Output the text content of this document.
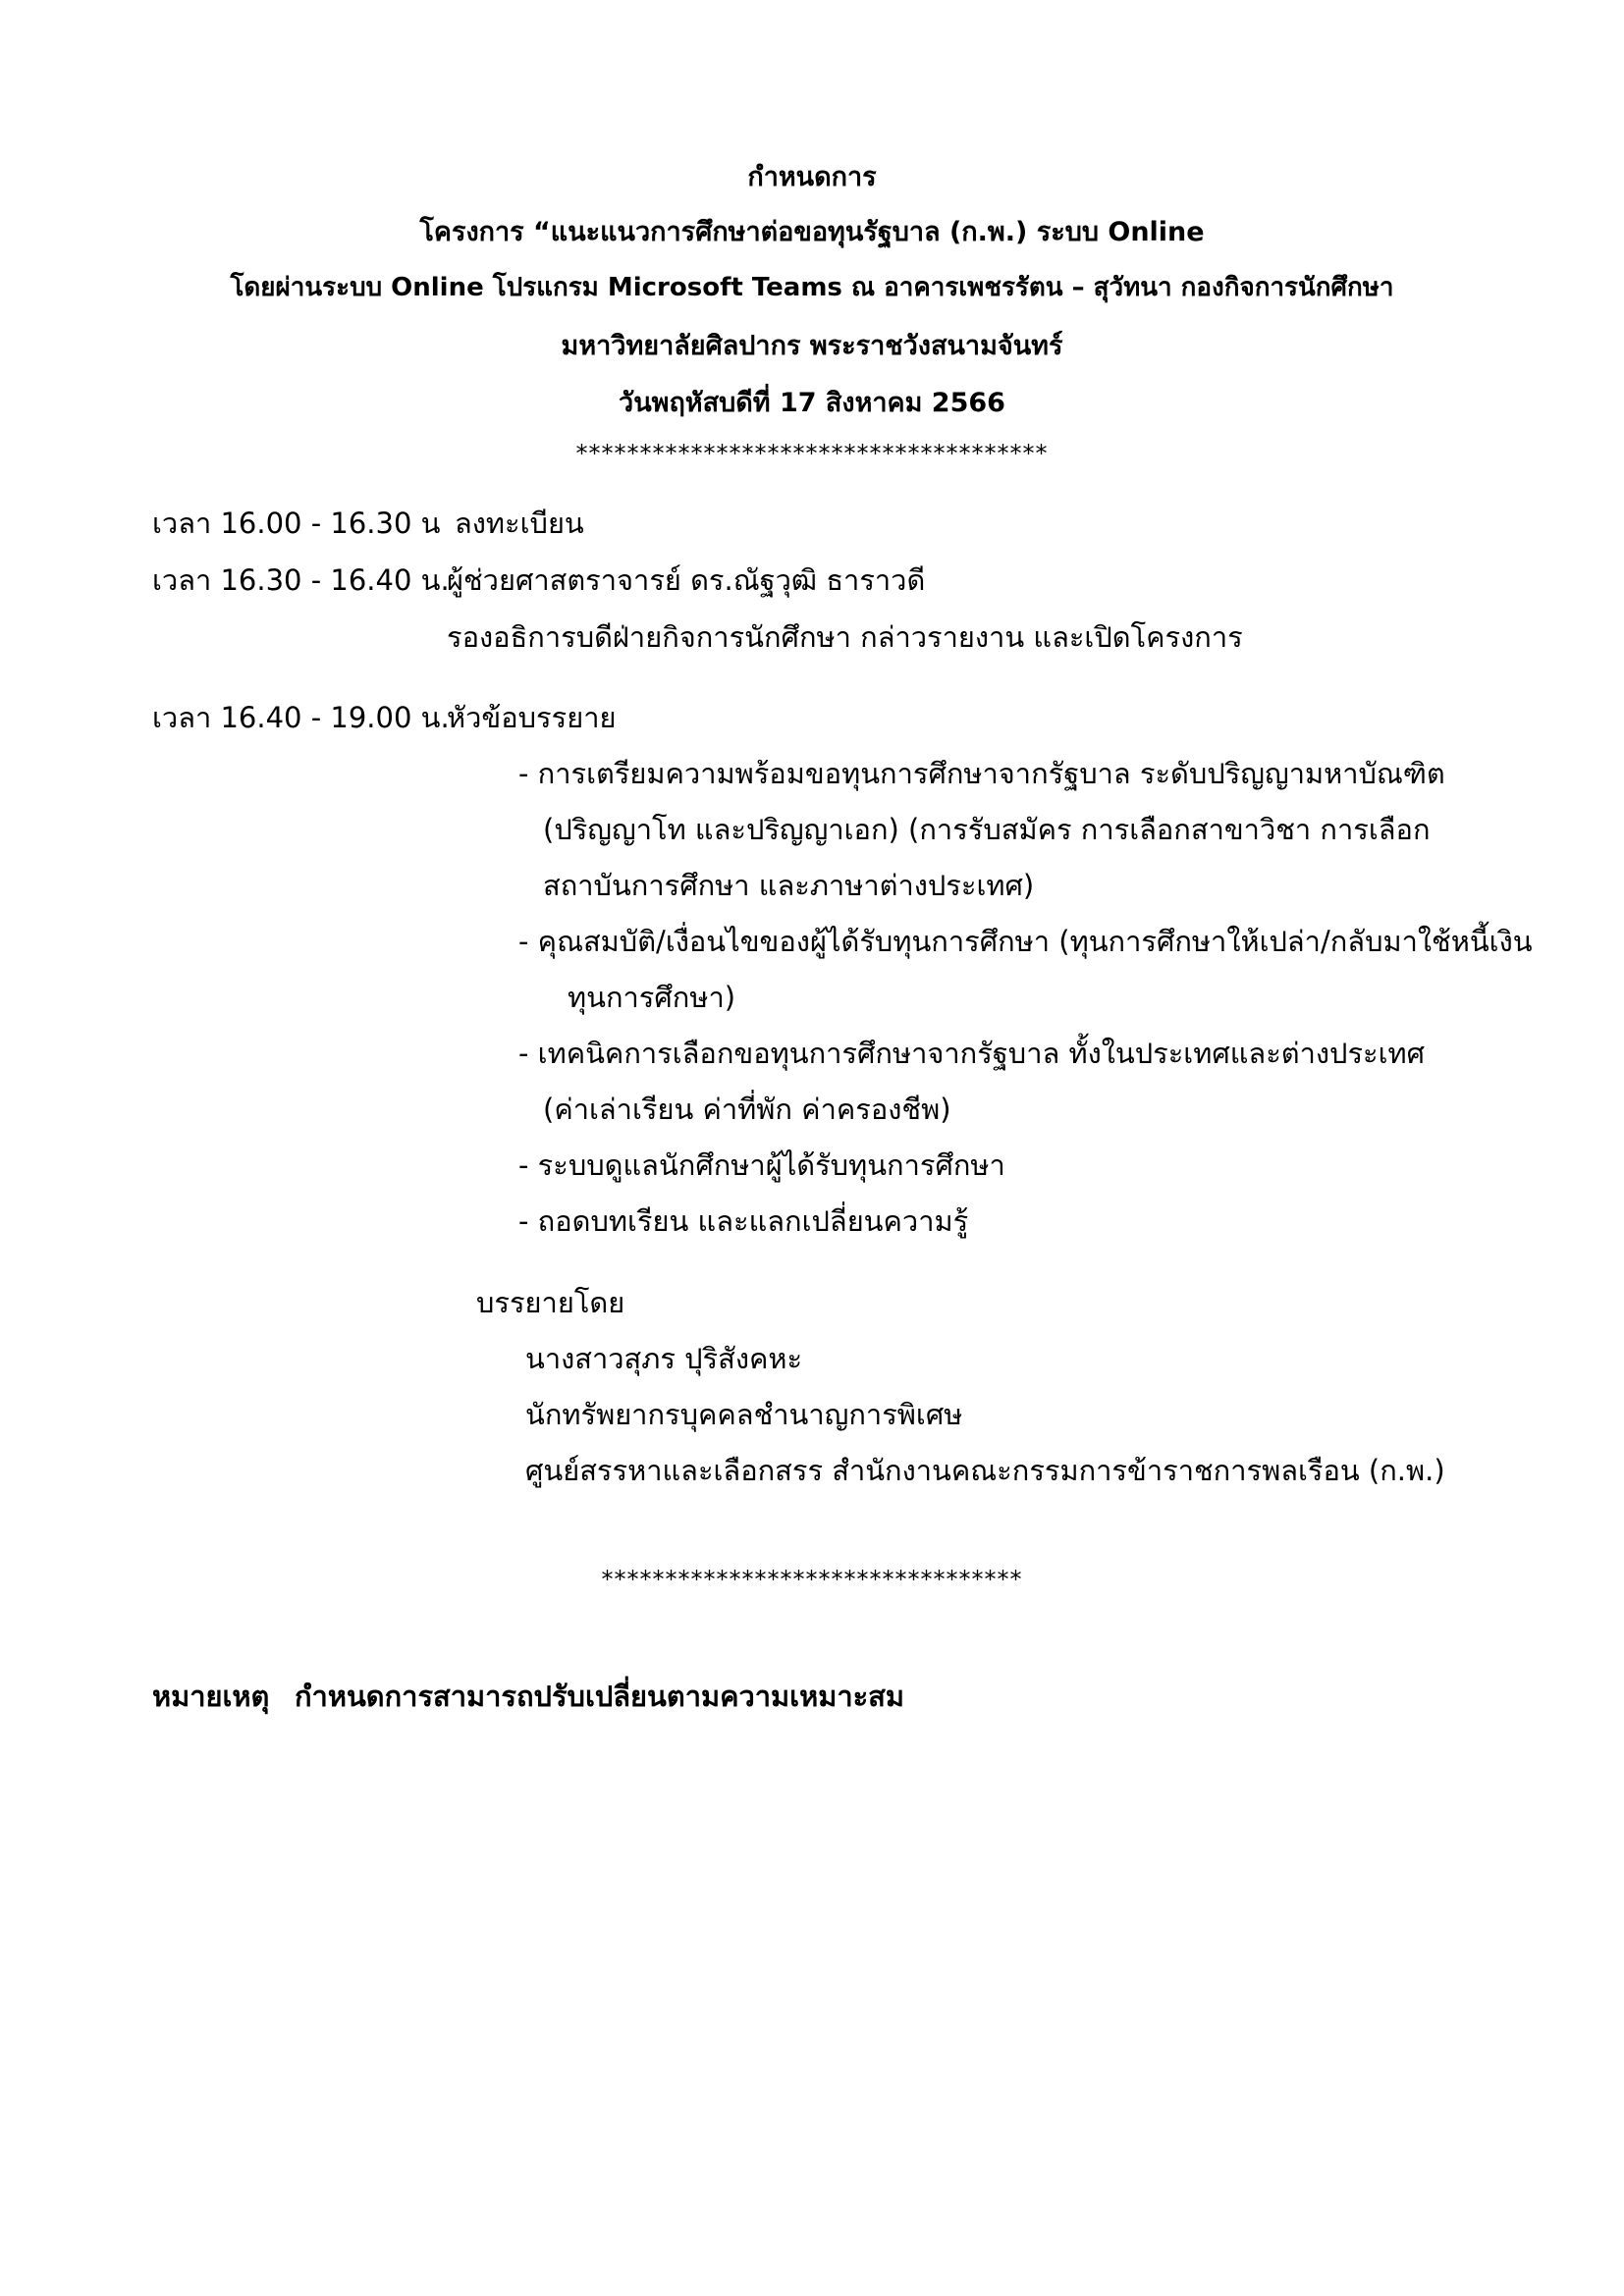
กำหนดการ
โครงการ “แนะแนวการศึกษาต่อขอทุนรัฐบาล (ก.พ.) ระบบ Online
โดยผ่านระบบ Online โปรแกรม Microsoft Teams ณ อาคารเพชรรัตน – สุวัทนา กองกิจการนักศึกษา
มหาวิทยาลัยศิลปากร พระราชวังสนามจันทร์
วันพฤหัสบดีที่ 17 สิงหาคม 2566
*************************************
เวลา 16.00 - 16.30 น ลงทะเบียน
เวลา 16.30 - 16.40 น.
ผู้ช่วยศาสตราจารย์ ดร.ณัฐวุฒิ ธาราวดี
รองอธิการบดีฝ่ายกิจการนักศึกษา กล่าวรายงาน และเปิดโครงการ
เวลา 16.40 - 19.00 น.
หัวข้อบรรยาย
- การเตรียมความพร้อมขอทุนการศึกษาจากรัฐบาล ระดับปริญญามหาบัณฑิต
(ปริญญาโท และปริญญาเอก) (การรับสมัคร การเลือกสาขาวิชา การเลือก
สถาบันการศึกษา และภาษาต่างประเทศ)
- คุณสมบัติ/เงื่อนไขของผู้ได้รับทุนการศึกษา (ทุนการศึกษาให้เปล่า/กลับมาใช้หนี้เงิน
ทุนการศึกษา)
- เทคนิคการเลือกขอทุนการศึกษาจากรัฐบาล ทั้งในประเทศและต่างประเทศ
(ค่าเล่าเรียน ค่าที่พัก ค่าครองชีพ)
- ระบบดูแลนักศึกษาผู้ได้รับทุนการศึกษา
- ถอดบทเรียน และแลกเปลี่ยนความรู้
บรรยายโดย
นางสาวสุภร ปุริสังคหะ
นักทรัพยากรบุคคลชำนาญการพิเศษ
ศูนย์สรรหาและเลือกสรร สำนักงานคณะกรรมการข้าราชการพลเรือน (ก.พ.)
*********************************
หมายเหตุ กำหนดการสามารถปรับเปลี่ยนตามความเหมาะสม
